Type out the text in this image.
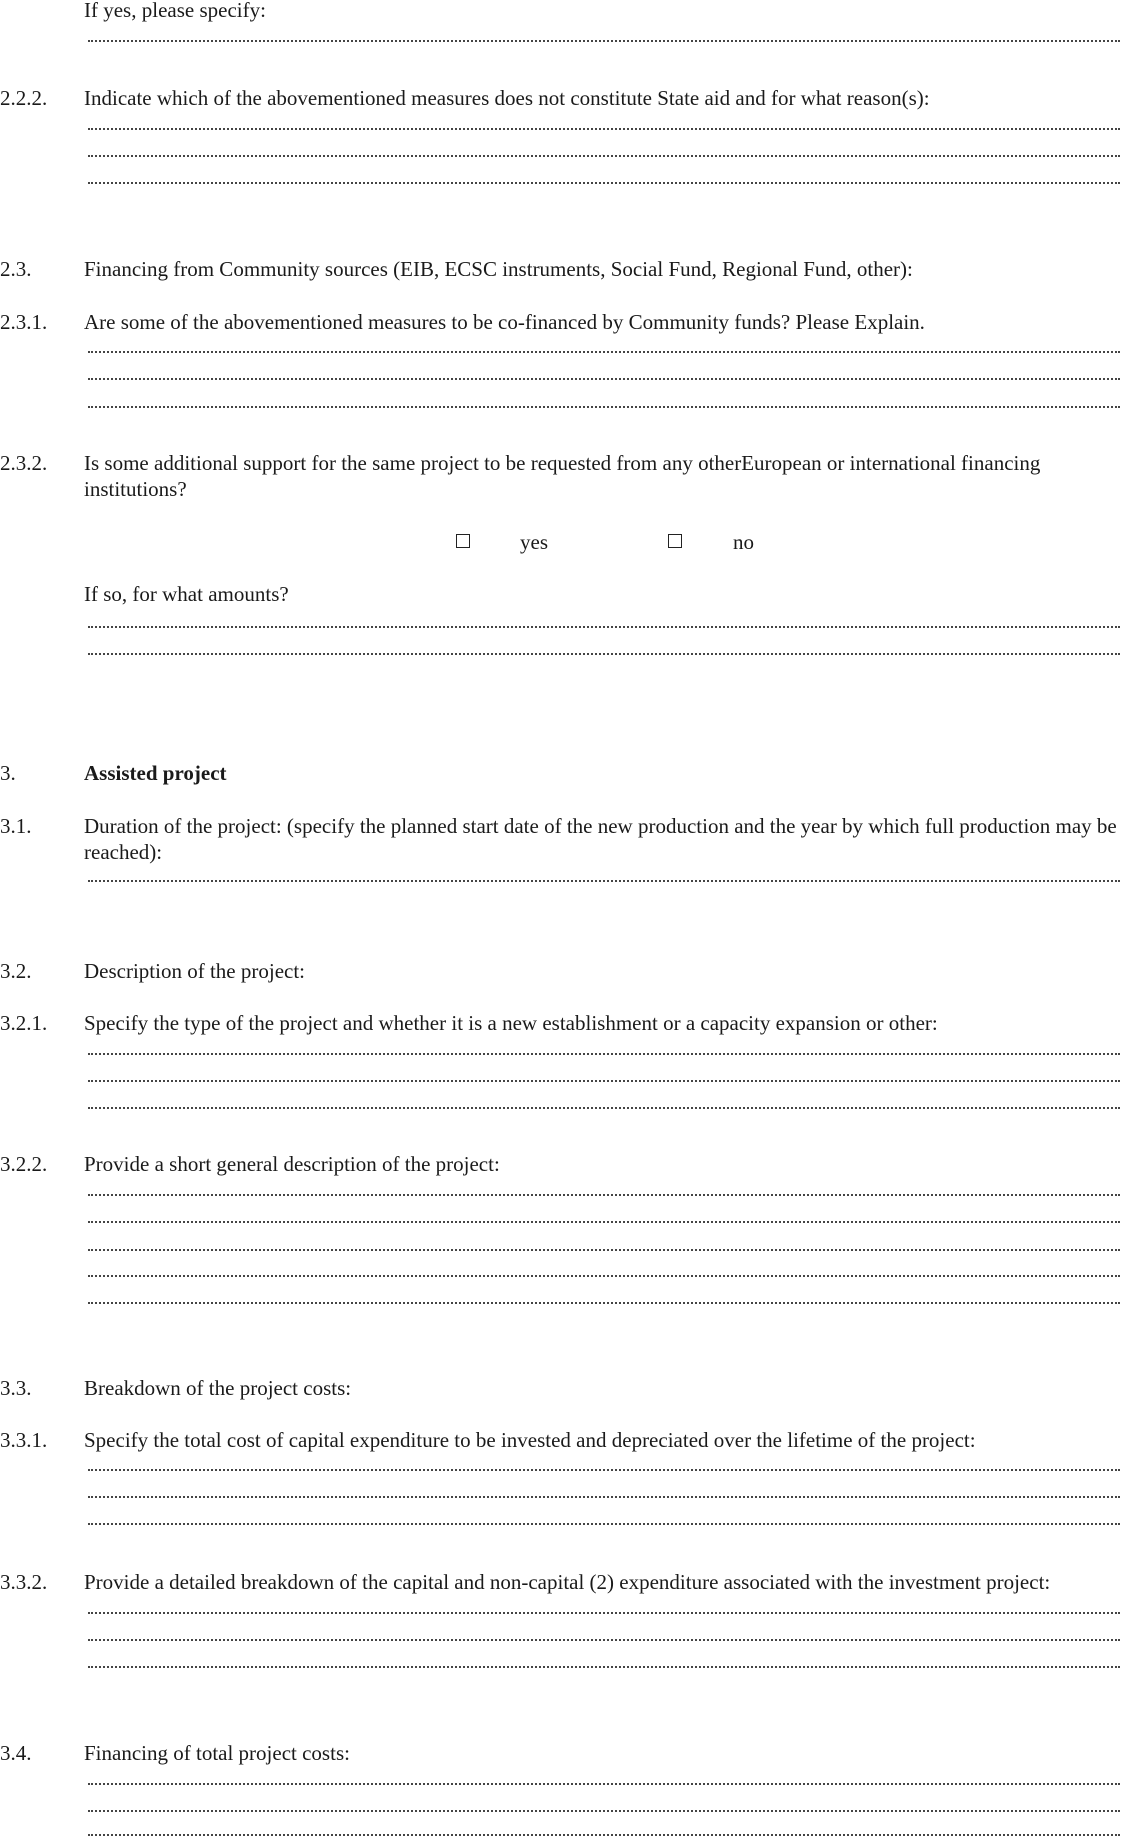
If yes, please specify:
2.2.2. Indicate which of the abovementioned measures does not constitute State aid and for what reason(s):
2.3.	Financing from Community sources (EIB, ECSC instruments, Social Fund, Regional Fund, other):
2.3.1. Are some of the abovementioned measures to be co-financed by Community funds? Please Explain.
2.3.2. Is some additional support for the same project to be requested from any otherEuropean or international financing institutions?
yes	no
If so, for what amounts?
3.	Assisted project
3.1.	Duration of the project: (specify the planned start date of the new production and the year by which full production may be reached):
3.2.	Description of the project:
3.2.1. Specify the type of the project and whether it is a new establishment or a capacity expansion or other:
3.2.2. Provide a short general description of the project:
3.3.	Breakdown of the project costs:
3.3.1. Specify the total cost of capital expenditure to be invested and depreciated over the lifetime of the project:
3.3.2. Provide a detailed breakdown of the capital and non-capital (2) expenditure associated with the investment project:
3.4.	Financing of total project costs:
